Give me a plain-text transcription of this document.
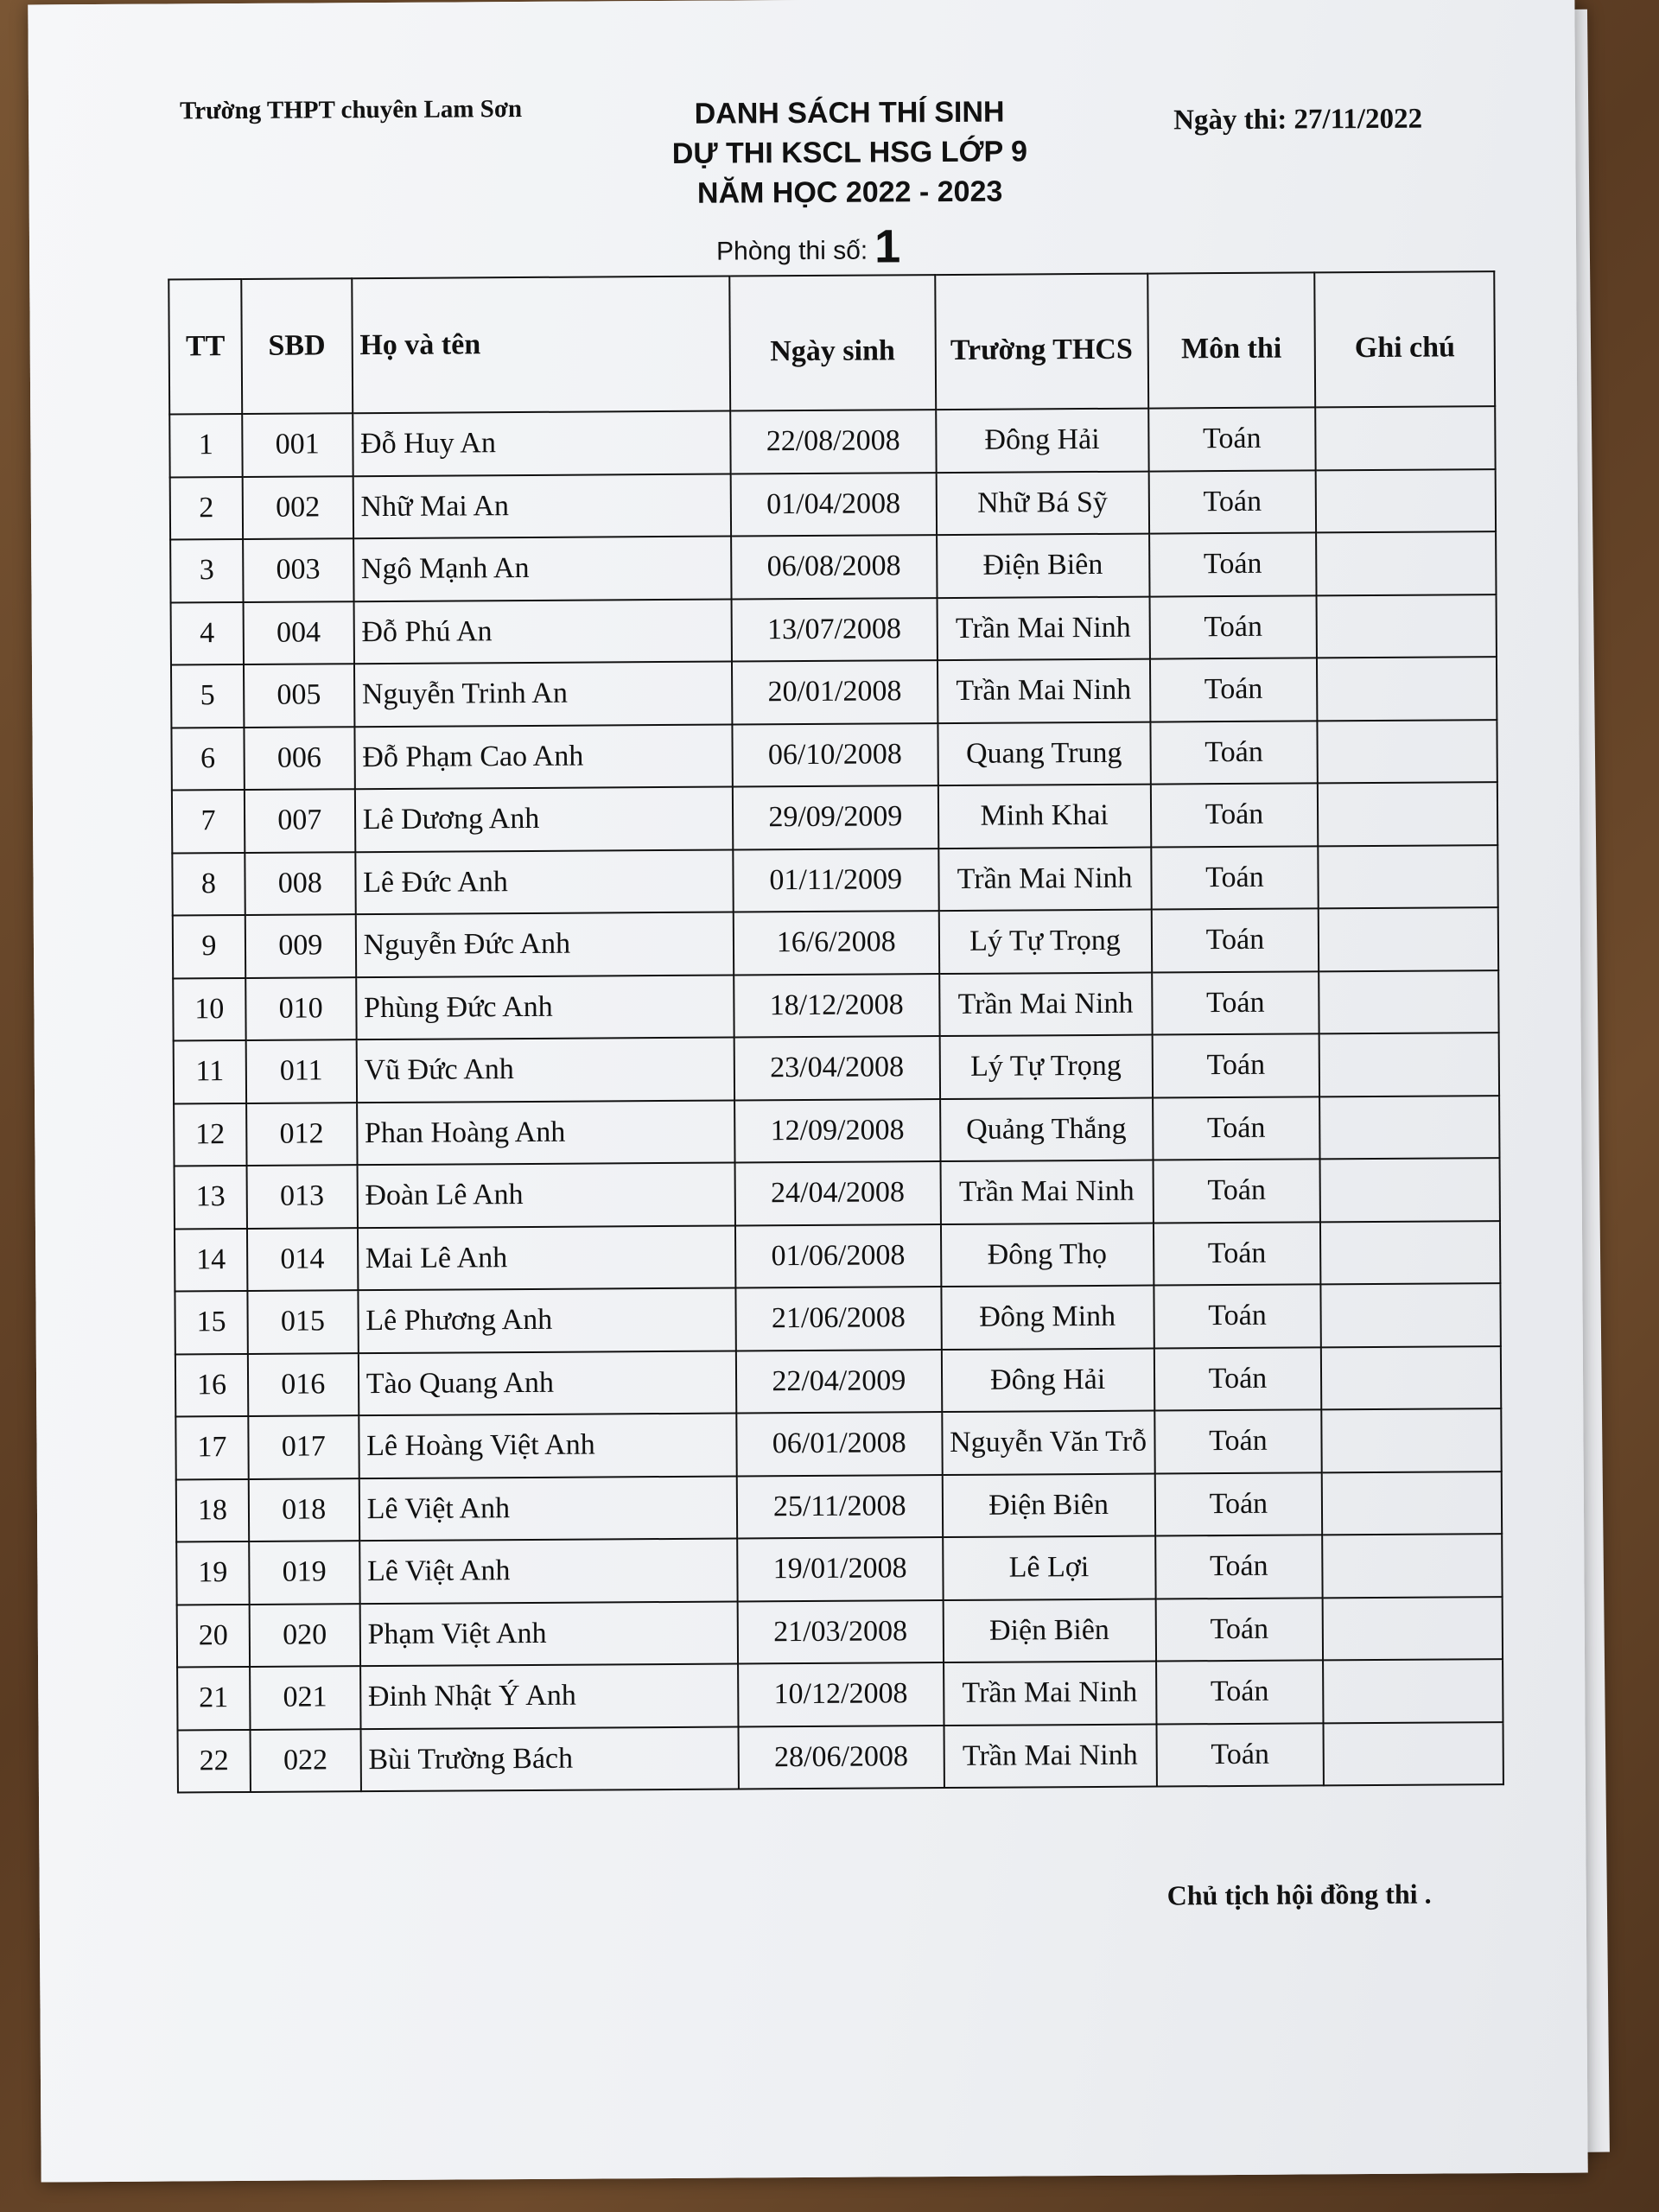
Trường THPT chuyên Lam Sơn	DANH SÁCH THÍ SINH
DỰ THI KSCL HSG LỚP 9
NĂM HỌC 2022 - 2023
Ngày thi: 27/11/2022
Phòng thi số: 1
TT	SBD	Họ và tên	Ngày sinh	Trường THCS	Môn thi	Ghi chú
1	001	Đỗ Huy An	22/08/2008	Đông Hải	Toán	
2	002	Nhữ Mai An	01/04/2008	Nhữ Bá Sỹ	Toán	
3	003	Ngô Mạnh An	06/08/2008	Điện Biên	Toán	
4	004	Đỗ Phú An	13/07/2008	Trần Mai Ninh	Toán	
5	005	Nguyễn Trinh An	20/01/2008	Trần Mai Ninh	Toán	
6	006	Đỗ Phạm Cao Anh	06/10/2008	Quang Trung	Toán	
7	007	Lê Dương Anh	29/09/2009	Minh Khai	Toán	
8	008	Lê Đức Anh	01/11/2009	Trần Mai Ninh	Toán	
9	009	Nguyễn Đức Anh	16/6/2008	Lý Tự Trọng	Toán	
10	010	Phùng Đức Anh	18/12/2008	Trần Mai Ninh	Toán	
11	011	Vũ Đức Anh	23/04/2008	Lý Tự Trọng	Toán	
12	012	Phan Hoàng Anh	12/09/2008	Quảng Thắng	Toán	
13	013	Đoàn Lê Anh	24/04/2008	Trần Mai Ninh	Toán	
14	014	Mai Lê Anh	01/06/2008	Đông Thọ	Toán	
15	015	Lê Phương Anh	21/06/2008	Đông Minh	Toán	
16	016	Tào Quang Anh	22/04/2009	Đông Hải	Toán	
17	017	Lê Hoàng Việt Anh	06/01/2008	Nguyễn Văn Trỗ	Toán	
18	018	Lê Việt Anh	25/11/2008	Điện Biên	Toán	
19	019	Lê Việt Anh	19/01/2008	Lê Lợi	Toán	
20	020	Phạm Việt Anh	21/03/2008	Điện Biên	Toán	
21	021	Đinh Nhật Ý Anh	10/12/2008	Trần Mai Ninh	Toán	
22	022	Bùi Trường Bách	28/06/2008	Trần Mai Ninh	Toán	
Chủ tịch hội đồng thi .
